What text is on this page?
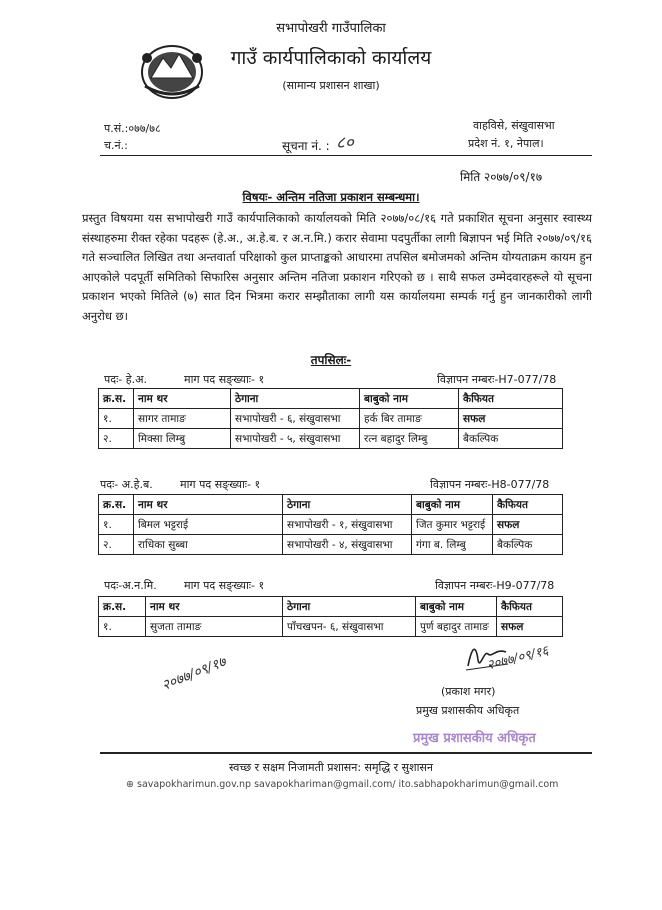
सभापोखरी गाउँपालिका
गाउँ कार्यपालिकाको कार्यालय
(सामान्य प्रशासन शाखा)
प.सं.:०७७/७८
च.नं.:	सूचना नं. : ८०
वाहविसे, संखुवासभा
प्रदेश नं. १, नेपाल।
मिति २०७७/०९/१७
विषयः- अन्तिम नतिजा प्रकाशन सम्बन्धमा।
प्रस्तुत विषयमा यस सभापोखरी गाउँ कार्यपालिकाको कार्यालयको मिति २०७७/०८/१६ गते प्रकाशित सूचना अनुसार स्वास्थ्य संस्थाहरुमा रीक्त रहेका पदहरू (हे.अ., अ.हे.ब. र अ.न.मि.) करार सेवामा पदपुर्तीका लागी बिज्ञापन भई मिति २०७७/०९/१६ गते सञ्चालित लिखित तथा अन्तवार्ता परिक्षाको कुल प्राप्ताङ्कको आधारमा तपसिल बमोजमको अन्तिम योग्यताक्रम कायम हुन आएकोले पदपूर्ती समितिको सिफारिस अनुसार अन्तिम नतिजा प्रकाशन गरिएको छ । साथै सफल उम्मेदवारहरूले यो सूचना प्रकाशन भएको मितिले (७) सात दिन भित्रमा करार सम्झौताका लागी यस कार्यालयमा सम्पर्क गर्नु हुन जानकारीको लागी अनुरोध छ।
तपसिलः-
पदः- हे.अ.	माग पद सङ्ख्याः- १	विज्ञापन नम्बरः-H7-077/78
क्र.स.	नाम थर	ठेगाना	बाबुको नाम	कैफियत
१.	सागर तामाङ	सभापोखरी - ६, संखुवासभा	हर्क बिर तामाङ	सफल
२.	मिक्सा लिम्बु	सभापोखरी - ५, संखुवासभा	रत्न बहादुर लिम्बु	बैकल्पिक
पदः- अ.हे.ब. माग पद सङ्ख्याः- १	विज्ञापन नम्बरः-H8-077/78
क्र.स.	नाम थर	ठेगाना	बाबुको नाम	कैफियत
१.	बिमल भट्टराई	सभापोखरी - १, संखुवासभा	जित कुमार भट्टराई	सफल
२.	राधिका सुब्बा	सभापोखरी - ४, संखुवासभा	गंगा ब. लिम्बु	बैकल्पिक
पदः-अ.न.मि. माग पद सङ्ख्याः- १	विज्ञापन नम्बरः-H9-077/78
क्र.स.	नाम थर	ठेगाना	बाबुको नाम	कैफियत
१.	सुजता तामाङ	पाँचखपन- ६, संखुवासभा	पुर्ण बहादुर तामाङ	सफल
२०७७/०९/१६
२०७७/०९/१७	(प्रकाश मगर)
प्रमुख प्रशासकीय अधिकृत
प्रमुख प्रशासकीय अधिकृत
स्वच्छ र सक्षम निजामती प्रशासन: समृद्धि र सुशासन
⊕ savapokharimun.gov.np savapokhariman@gmail.com/ ito.sabhapokharimun@gmail.com
